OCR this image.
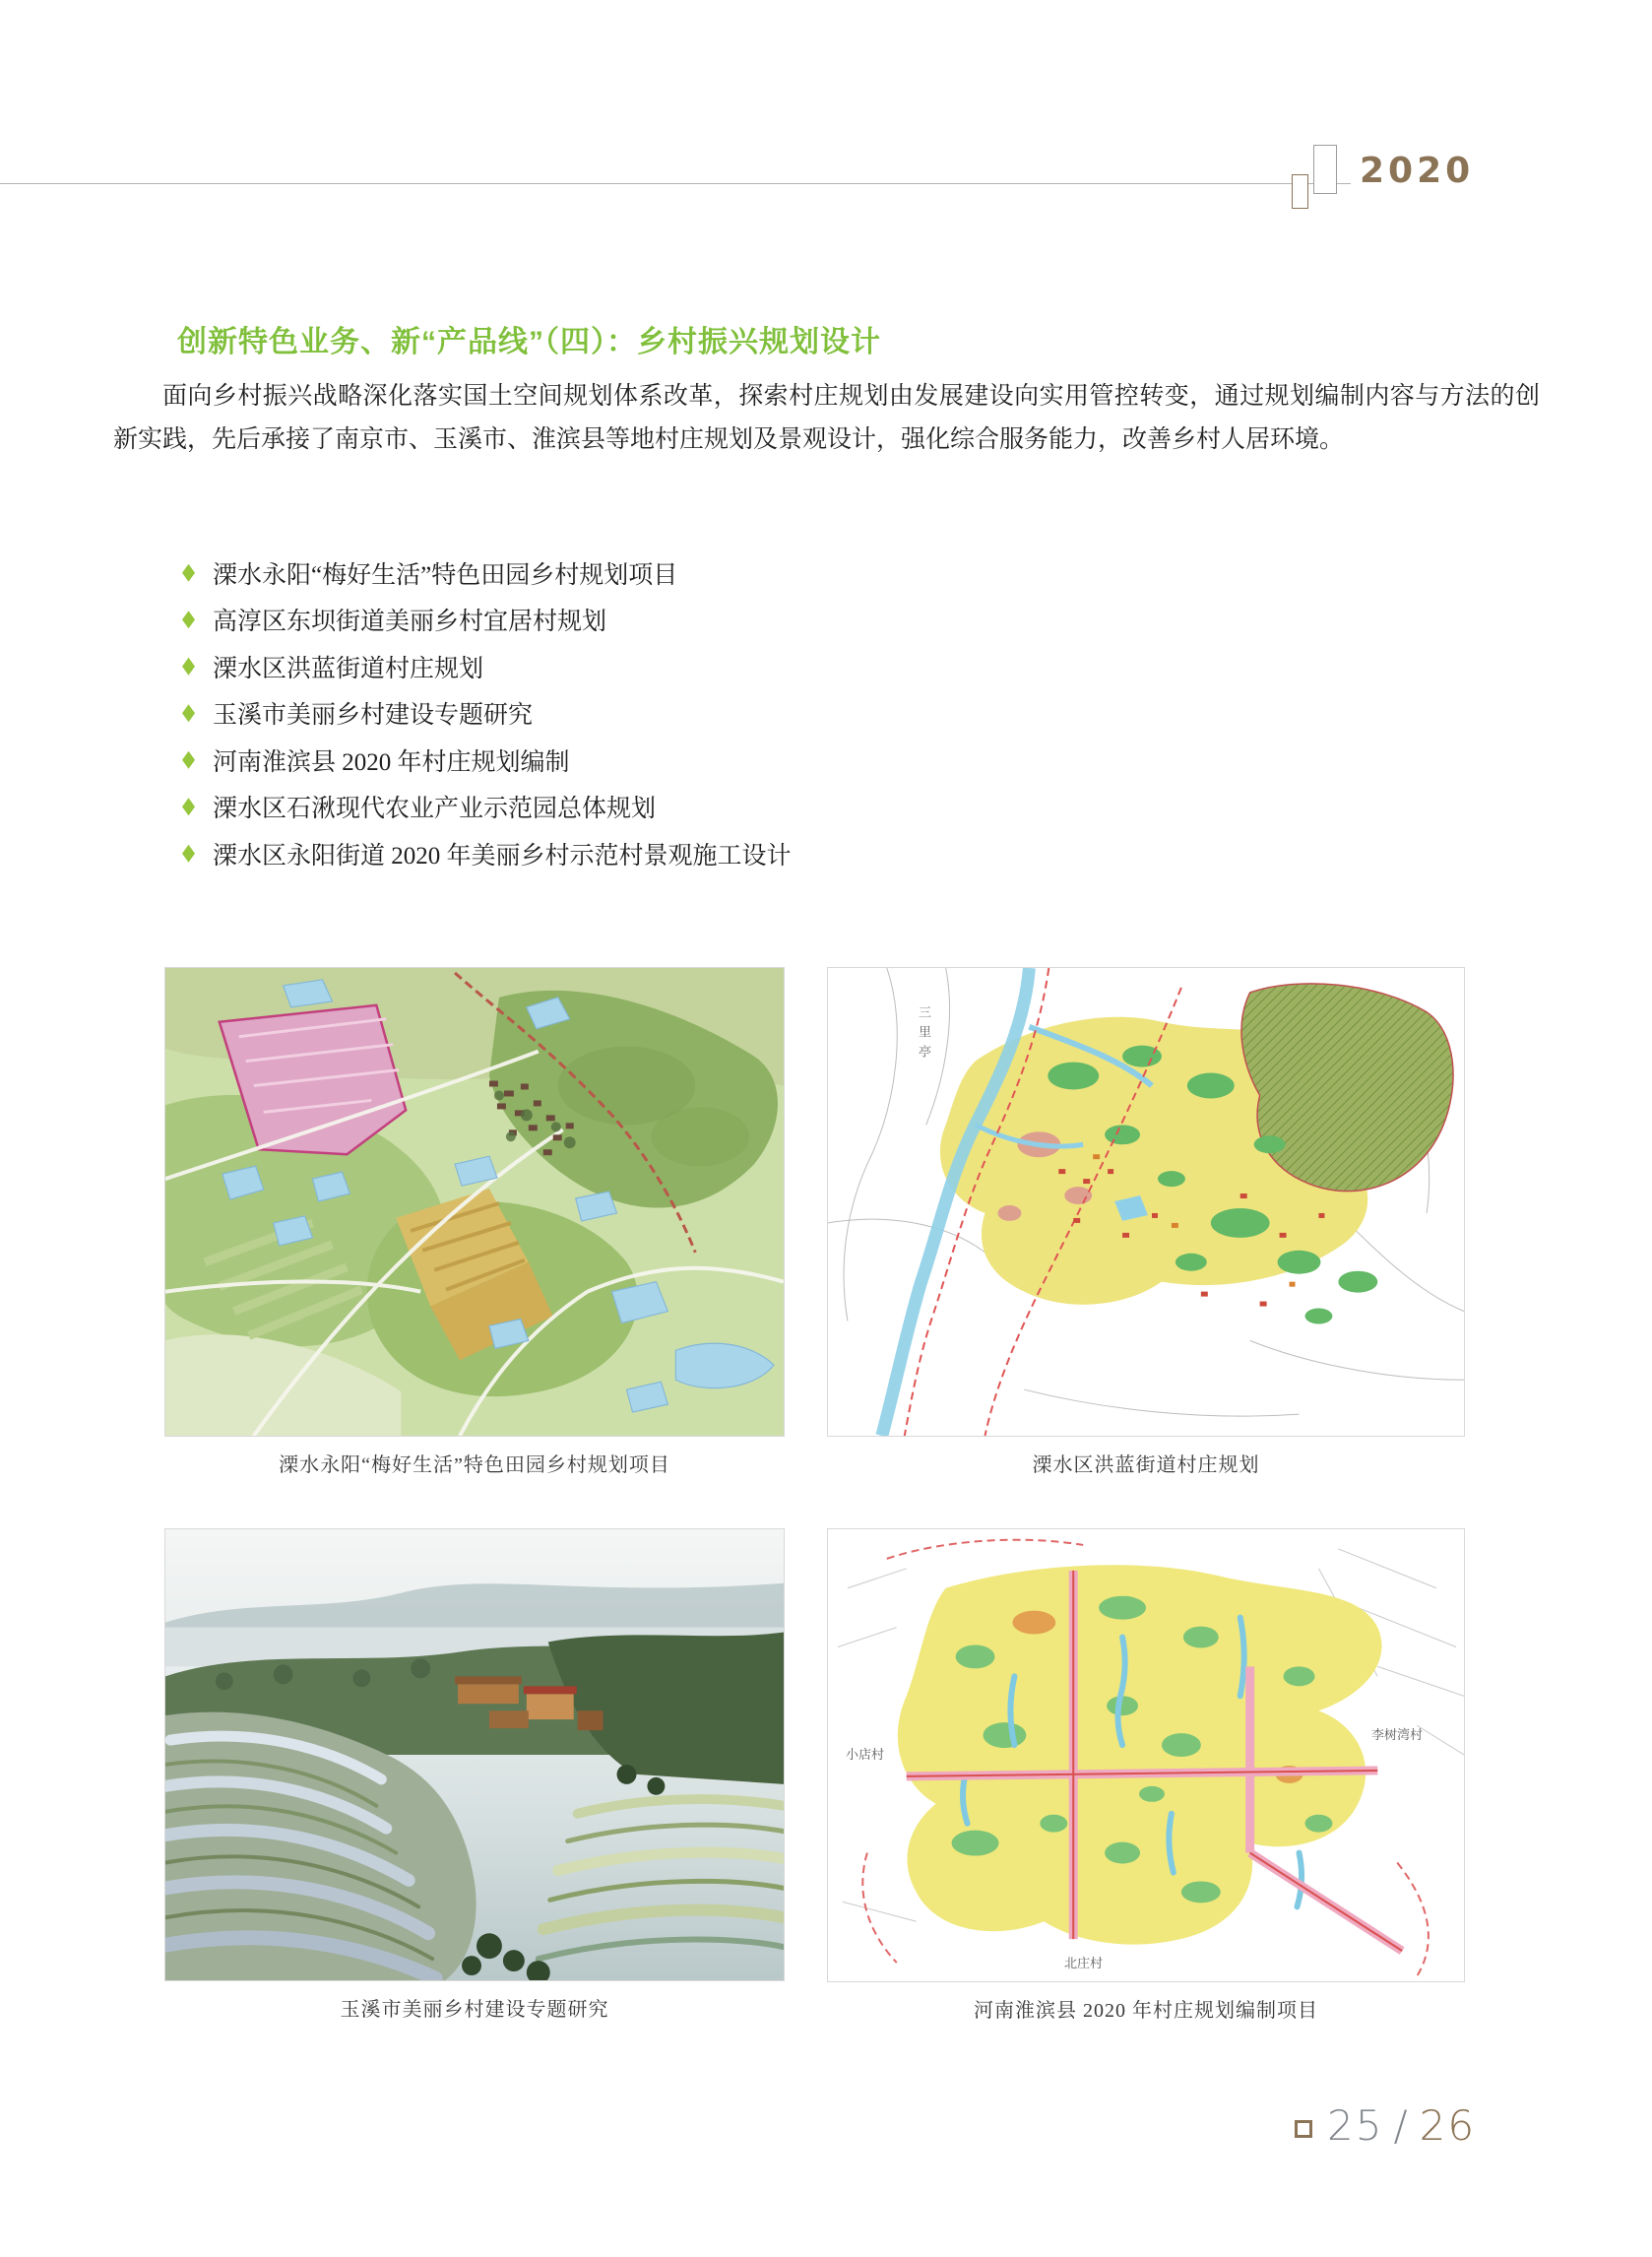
2020
创新特色业务、新“产品线”（四）：乡村振兴规划设计
面向乡村振兴战略深化落实国土空间规划体系改革，探索村庄规划由发展建设向实用管控转变，通过规划编制内容与方法的创新实践，先后承接了南京市、玉溪市、淮滨县等地村庄规划及景观设计，强化综合服务能力，改善乡村人居环境。
溧水永阳“梅好生活”特色田园乡村规划项目
高淳区东坝街道美丽乡村宜居村规划
溧水区洪蓝街道村庄规划
玉溪市美丽乡村建设专题研究
河南淮滨县 2020 年村庄规划编制
溧水区石湫现代农业产业示范园总体规划
溧水区永阳街道 2020 年美丽乡村示范村景观施工设计
溧水永阳“梅好生活”特色田园乡村规划项目
三里亭
溧水区洪蓝街道村庄规划
玉溪市美丽乡村建设专题研究
小店村
李树湾村
北庄村
河南淮滨县 2020 年村庄规划编制项目
25 / 26
